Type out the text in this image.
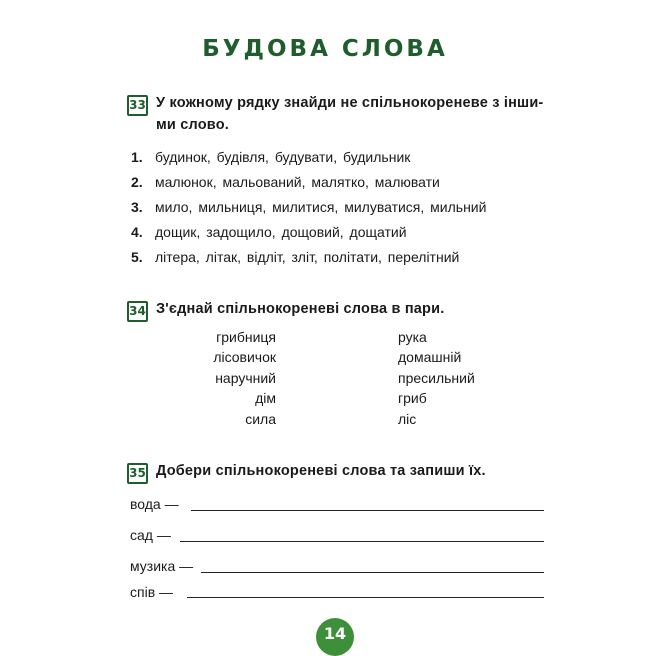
БУДОВА СЛОВА
33 У кожному рядку знайди не спільнокореневе з інши-
ми слово.
1. будинок, будівля, будувати, будильник
2. малюнок, мальований, малятко, малювати
3. мило, мильниця, милитися, милуватися, мильний
4. дощик, задощило, дощовий, дощатий
5. літера, літак, відліт, зліт, політати, перелітний
34 З'єднай спільнокореневі слова в пари.
грибниця
лісовичок
наручний
дім
сила
рука
домашній
пресильний
гриб
ліс
35 Добери спільнокореневі слова та запиши їх.
вода —
сад —
музика —
спів —
14
